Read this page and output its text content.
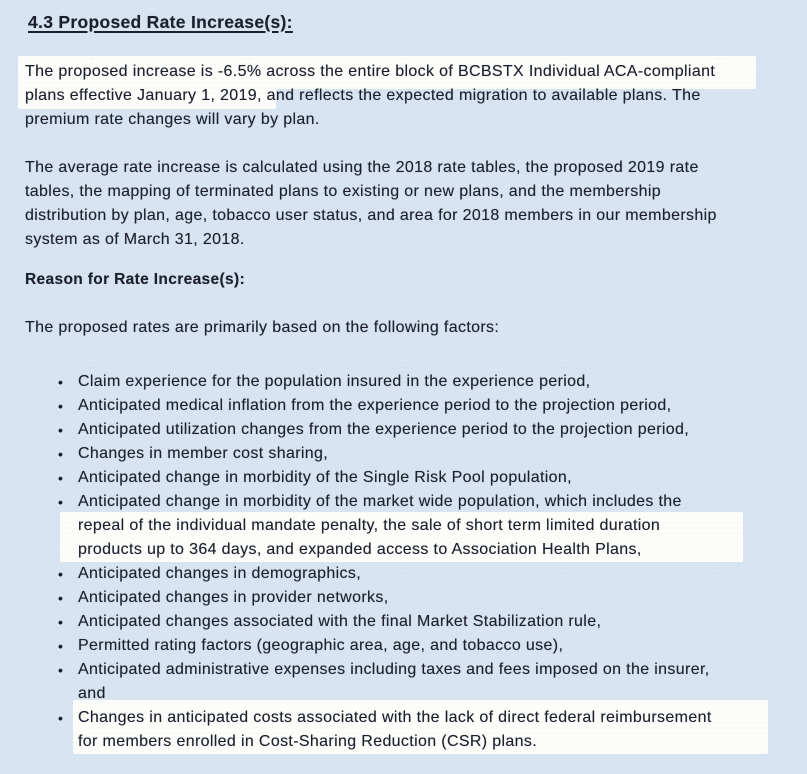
4.3 Proposed Rate Increase(s):
The proposed increase is -6.5% across the entire block of BCBSTX Individual ACA-compliant
plans effective January 1, 2019, and reflects the expected migration to available plans. The
premium rate changes will vary by plan.
The average rate increase is calculated using the 2018 rate tables, the proposed 2019 rate
tables, the mapping of terminated plans to existing or new plans, and the membership
distribution by plan, age, tobacco user status, and area for 2018 members in our membership
system as of March 31, 2018.
Reason for Rate Increase(s):
The proposed rates are primarily based on the following factors:
• Claim experience for the population insured in the experience period,
• Anticipated medical inflation from the experience period to the projection period,
• Anticipated utilization changes from the experience period to the projection period,
• Changes in member cost sharing,
• Anticipated change in morbidity of the Single Risk Pool population,
• Anticipated change in morbidity of the market wide population, which includes the
repeal of the individual mandate penalty, the sale of short term limited duration
products up to 364 days, and expanded access to Association Health Plans,
• Anticipated changes in demographics,
• Anticipated changes in provider networks,
• Anticipated changes associated with the final Market Stabilization rule,
• Permitted rating factors (geographic area, age, and tobacco use),
• Anticipated administrative expenses including taxes and fees imposed on the insurer,
and
• Changes in anticipated costs associated with the lack of direct federal reimbursement
for members enrolled in Cost-Sharing Reduction (CSR) plans.
